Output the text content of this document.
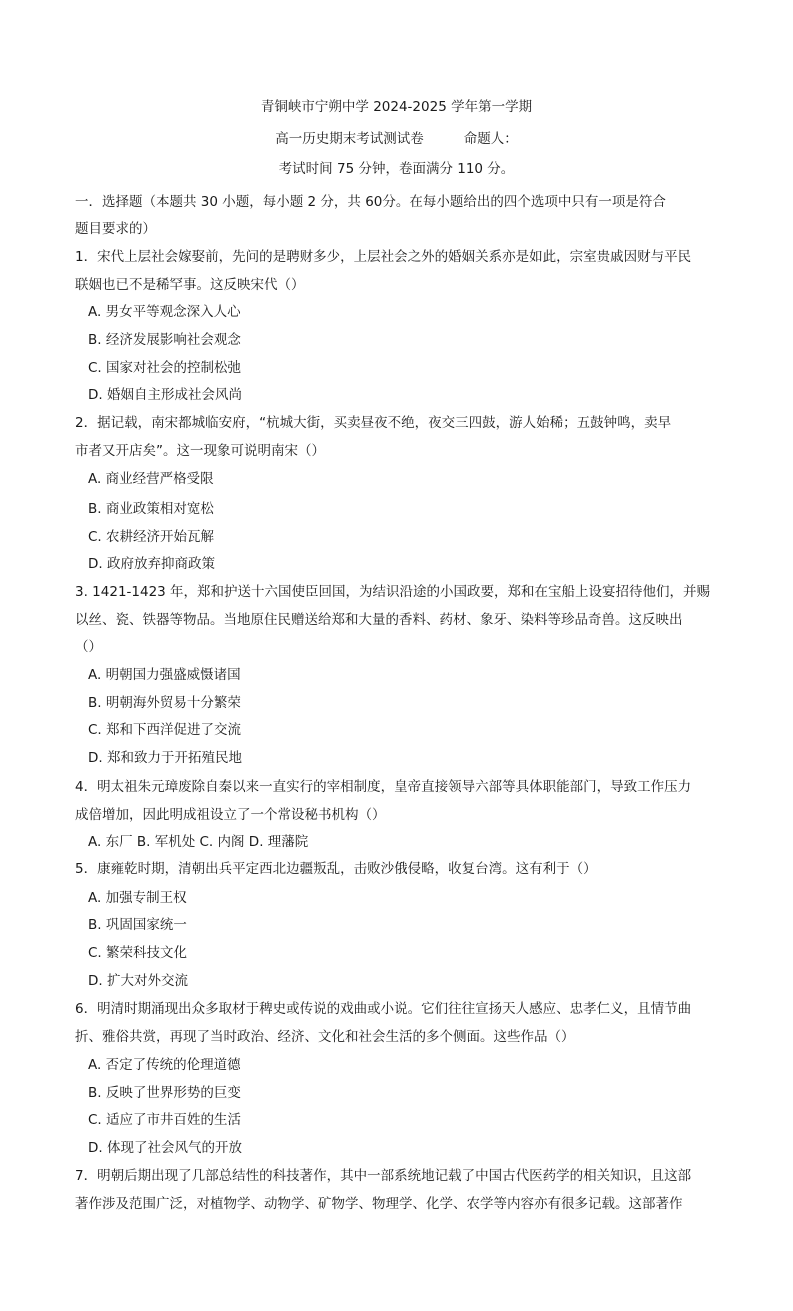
青铜峡市宁朔中学 2024-2025 学年第一学期
高一历史期末考试测试卷	命题人：
考试时间 75 分钟，卷面满分 110 分。
一．选择题（本题共 30 小题，每小题 2 分，共 60分。在每小题给出的四个选项中只有一项是符合
题目要求的）
1．宋代上层社会嫁娶前，先问的是聘财多少，上层社会之外的婚姻关系亦是如此，宗室贵戚因财与平民
联姻也已不是稀罕事。这反映宋代（）
A. 男女平等观念深入人心
B. 经济发展影响社会观念
C. 国家对社会的控制松弛
D. 婚姻自主形成社会风尚
2．据记载，南宋都城临安府，“杭城大街，买卖昼夜不绝，夜交三四鼓，游人始稀；五鼓钟鸣，卖早
市者又开店矣”。这一现象可说明南宋（）
A. 商业经营严格受限
B. 商业政策相对宽松
C. 农耕经济开始瓦解
D. 政府放弃抑商政策
3. 1421-1423 年，郑和护送十六国使臣回国，为结识沿途的小国政要，郑和在宝船上设宴招待他们，并赐
以丝、瓷、铁器等物品。当地原住民赠送给郑和大量的香料、药材、象牙、染料等珍品奇兽。这反映出
（）
A. 明朝国力强盛威慑诸国
B. 明朝海外贸易十分繁荣
C. 郑和下西洋促进了交流
D. 郑和致力于开拓殖民地
4．明太祖朱元璋废除自秦以来一直实行的宰相制度，皇帝直接领导六部等具体职能部门，导致工作压力
成倍增加，因此明成祖设立了一个常设秘书机构（）
A. 东厂 B. 军机处 C. 内阁 D. 理藩院
5．康雍乾时期，清朝出兵平定西北边疆叛乱，击败沙俄侵略，收复台湾。这有利于（）
A. 加强专制王权
B. 巩固国家统一
C. 繁荣科技文化
D. 扩大对外交流
6．明清时期涌现出众多取材于稗史或传说的戏曲或小说。它们往往宣扬天人感应、忠孝仁义，且情节曲
折、雅俗共赏，再现了当时政治、经济、文化和社会生活的多个侧面。这些作品（）
A. 否定了传统的伦理道德
B. 反映了世界形势的巨变
C. 适应了市井百姓的生活
D. 体现了社会风气的开放
7．明朝后期出现了几部总结性的科技著作，其中一部系统地记载了中国古代医药学的相关知识，且这部
著作涉及范围广泛，对植物学、动物学、矿物学、物理学、化学、农学等内容亦有很多记载。这部著作
